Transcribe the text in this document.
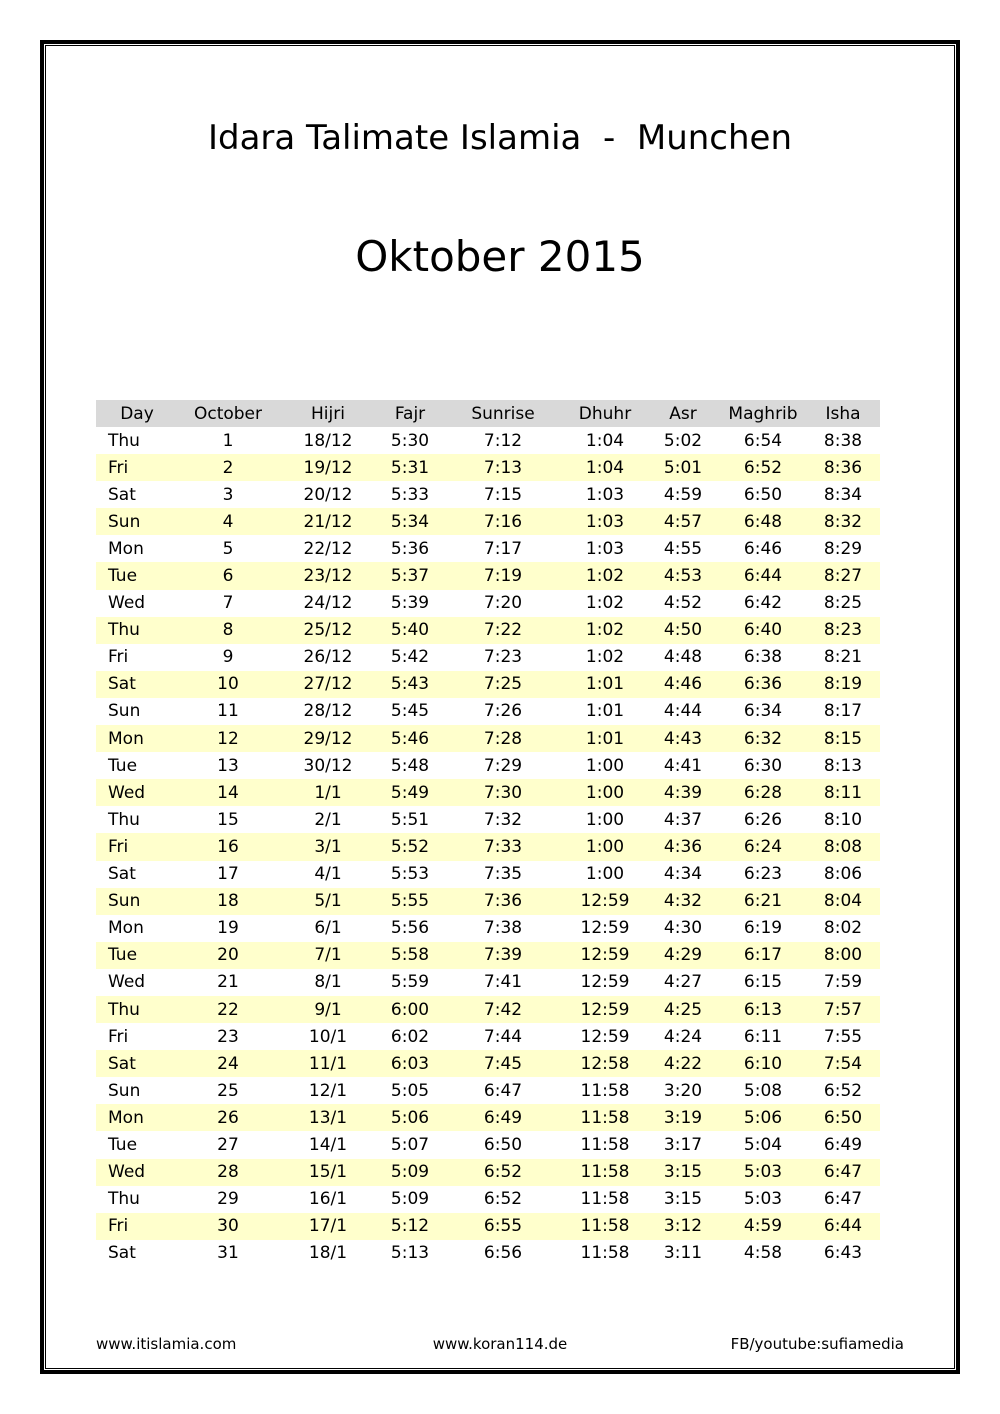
Idara Talimate Islamia  -  Munchen
Oktober 2015
Day	October	Hijri	Fajr	Sunrise	Dhuhr	Asr	Maghrib	Isha
Thu	1	18/12	5:30	7:12	1:04	5:02	6:54	8:38
Fri	2	19/12	5:31	7:13	1:04	5:01	6:52	8:36
Sat	3	20/12	5:33	7:15	1:03	4:59	6:50	8:34
Sun	4	21/12	5:34	7:16	1:03	4:57	6:48	8:32
Mon	5	22/12	5:36	7:17	1:03	4:55	6:46	8:29
Tue	6	23/12	5:37	7:19	1:02	4:53	6:44	8:27
Wed	7	24/12	5:39	7:20	1:02	4:52	6:42	8:25
Thu	8	25/12	5:40	7:22	1:02	4:50	6:40	8:23
Fri	9	26/12	5:42	7:23	1:02	4:48	6:38	8:21
Sat	10	27/12	5:43	7:25	1:01	4:46	6:36	8:19
Sun	11	28/12	5:45	7:26	1:01	4:44	6:34	8:17
Mon	12	29/12	5:46	7:28	1:01	4:43	6:32	8:15
Tue	13	30/12	5:48	7:29	1:00	4:41	6:30	8:13
Wed	14	1/1	5:49	7:30	1:00	4:39	6:28	8:11
Thu	15	2/1	5:51	7:32	1:00	4:37	6:26	8:10
Fri	16	3/1	5:52	7:33	1:00	4:36	6:24	8:08
Sat	17	4/1	5:53	7:35	1:00	4:34	6:23	8:06
Sun	18	5/1	5:55	7:36	12:59	4:32	6:21	8:04
Mon	19	6/1	5:56	7:38	12:59	4:30	6:19	8:02
Tue	20	7/1	5:58	7:39	12:59	4:29	6:17	8:00
Wed	21	8/1	5:59	7:41	12:59	4:27	6:15	7:59
Thu	22	9/1	6:00	7:42	12:59	4:25	6:13	7:57
Fri	23	10/1	6:02	7:44	12:59	4:24	6:11	7:55
Sat	24	11/1	6:03	7:45	12:58	4:22	6:10	7:54
Sun	25	12/1	5:05	6:47	11:58	3:20	5:08	6:52
Mon	26	13/1	5:06	6:49	11:58	3:19	5:06	6:50
Tue	27	14/1	5:07	6:50	11:58	3:17	5:04	6:49
Wed	28	15/1	5:09	6:52	11:58	3:15	5:03	6:47
Thu	29	16/1	5:09	6:52	11:58	3:15	5:03	6:47
Fri	30	17/1	5:12	6:55	11:58	3:12	4:59	6:44
Sat	31	18/1	5:13	6:56	11:58	3:11	4:58	6:43
www.itislamia.com	www.koran114.de	FB/youtube:sufiamedia
